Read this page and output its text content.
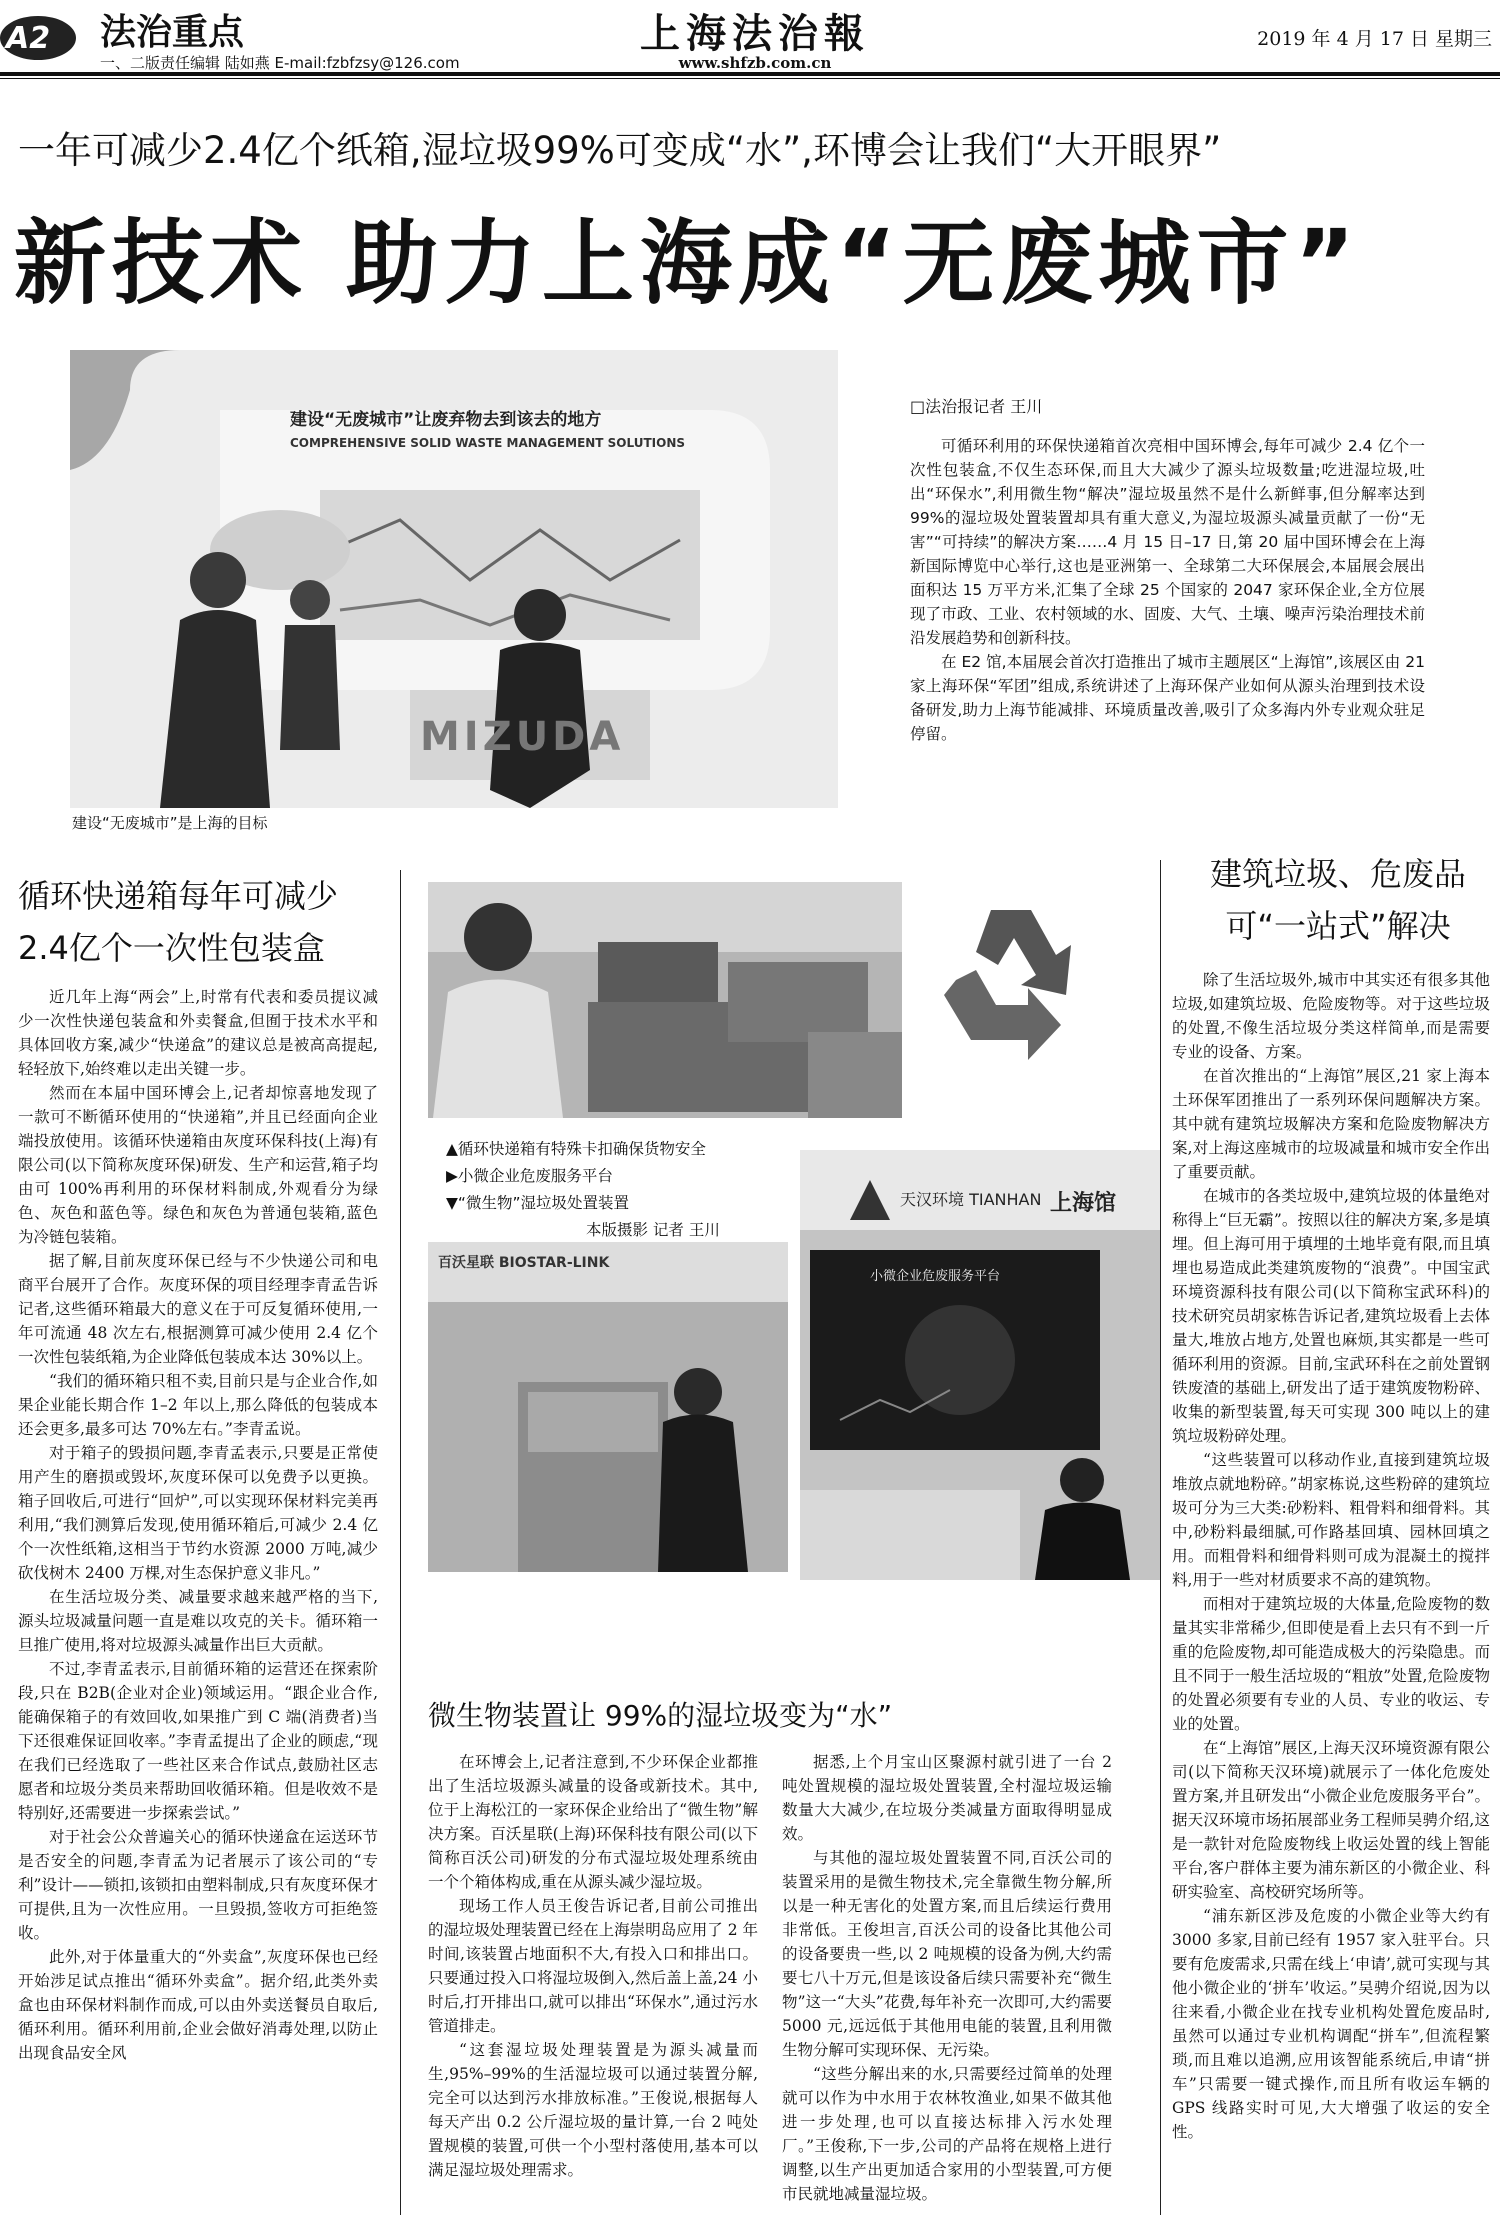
A2 法治重点
一、二版责任编辑 陆如燕 E-mail:fzbfzsy@126.com
上海法治報
www.shfzb.com.cn
2019 年 4 月 17 日 星期三
一年可减少2.4亿个纸箱,湿垃圾99%可变成“水”,环博会让我们“大开眼界”
新技术 助力上海成“无废城市”
建设“无废城市”让废弃物去到该去的地方
COMPREHENSIVE SOLID WASTE MANAGEMENT SOLUTIONS
MIZUDA
建设“无废城市”是上海的目标
□法治报记者 王川

可循环利用的环保快递箱首次亮相中国环博会,每年可减少 2.4 亿个一次性包装盒,不仅生态环保,而且大大减少了源头垃圾数量;吃进湿垃圾,吐出“环保水”,利用微生物“解决”湿垃圾虽然不是什么新鲜事,但分解率达到 99%的湿垃圾处置装置却具有重大意义,为湿垃圾源头减量贡献了一份“无害”“可持续”的解决方案……4 月 15 日–17 日,第 20 届中国环博会在上海新国际博览中心举行,这也是亚洲第一、全球第二大环保展会,本届展会展出面积达 15 万平方米,汇集了全球 25 个国家的 2047 家环保企业,全方位展现了市政、工业、农村领域的水、固废、大气、土壤、噪声污染治理技术前沿发展趋势和创新科技。

在 E2 馆,本届展会首次打造推出了城市主题展区“上海馆”,该展区由 21 家上海环保“军团”组成,系统讲述了上海环保产业如何从源头治理到技术设备研发,助力上海节能减排、环境质量改善,吸引了众多海内外专业观众驻足停留。

循环快递箱每年可减少
2.4亿个一次性包装盒

近几年上海“两会”上,时常有代表和委员提议减少一次性快递包装盒和外卖餐盒,但囿于技术水平和具体回收方案,减少“快递盒”的建议总是被高高提起,轻轻放下,始终难以走出关键一步。

然而在本届中国环博会上,记者却惊喜地发现了一款可不断循环使用的“快递箱”,并且已经面向企业端投放使用。该循环快递箱由灰度环保科技(上海)有限公司(以下简称灰度环保)研发、生产和运营,箱子均由可 100%再利用的环保材料制成,外观看分为绿色、灰色和蓝色等。绿色和灰色为普通包装箱,蓝色为冷链包装箱。

据了解,目前灰度环保已经与不少快递公司和电商平台展开了合作。灰度环保的项目经理李青孟告诉记者,这些循环箱最大的意义在于可反复循环使用,一年可流通 48 次左右,根据测算可减少使用 2.4 亿个一次性包装纸箱,为企业降低包装成本达 30%以上。

“我们的循环箱只租不卖,目前只是与企业合作,如果企业能长期合作 1–2 年以上,那么降低的包装成本还会更多,最多可达 70%左右。”李青孟说。

对于箱子的毁损问题,李青孟表示,只要是正常使用产生的磨损或毁坏,灰度环保可以免费予以更换。箱子回收后,可进行“回炉”,可以实现环保材料完美再利用,“我们测算后发现,使用循环箱后,可减少 2.4 亿个一次性纸箱,这相当于节约水资源 2000 万吨,减少砍伐树木 2400 万棵,对生态保护意义非凡。”

在生活垃圾分类、减量要求越来越严格的当下,源头垃圾减量问题一直是难以攻克的关卡。循环箱一旦推广使用,将对垃圾源头减量作出巨大贡献。

不过,李青孟表示,目前循环箱的运营还在探索阶段,只在 B2B(企业对企业)领域运用。“跟企业合作,能确保箱子的有效回收,如果推广到 C 端(消费者)当下还很难保证回收率。”李青孟提出了企业的顾虑,“现在我们已经选取了一些社区来合作试点,鼓励社区志愿者和垃圾分类员来帮助回收循环箱。但是收效不是特别好,还需要进一步探索尝试。”

对于社会公众普遍关心的循环快递盒在运送环节是否安全的问题,李青孟为记者展示了该公司的“专利”设计——锁扣,该锁扣由塑料制成,只有灰度环保才可提供,且为一次性应用。一旦毁损,签收方可拒绝签收。

此外,对于体量重大的“外卖盒”,灰度环保也已经开始涉足试点推出“循环外卖盒”。据介绍,此类外卖盒也由环保材料制作而成,可以由外卖送餐员自取后,循环利用。循环利用前,企业会做好消毒处理,以防止出现食品安全风

▲循环快递箱有特殊卡扣确保货物安全
▶小微企业危废服务平台
▼“微生物”湿垃圾处置装置
本版摄影 记者 王川
上海馆
天汉环境 TIANHAN
小微企业危废服务平台
百沃星联 BIOSTAR-LINK
微生物装置让 99%的湿垃圾变为“水”

在环博会上,记者注意到,不少环保企业都推出了生活垃圾源头减量的设备或新技术。其中,位于上海松江的一家环保企业给出了“微生物”解决方案。百沃星联(上海)环保科技有限公司(以下简称百沃公司)研发的分布式湿垃圾处理系统由一个个箱体构成,重在从源头减少湿垃圾。

现场工作人员王俊告诉记者,目前公司推出的湿垃圾处理装置已经在上海崇明岛应用了 2 年时间,该装置占地面积不大,有投入口和排出口。只要通过投入口将湿垃圾倒入,然后盖上盖,24 小时后,打开排出口,就可以排出“环保水”,通过污水管道排走。

“这套湿垃圾处理装置是为源头减量而生,95%–99%的生活湿垃圾可以通过装置分解,完全可以达到污水排放标准。”王俊说,根据每人每天产出 0.2 公斤湿垃圾的量计算,一台 2 吨处置规模的装置,可供一个小型村落使用,基本可以满足湿垃圾处理需求。

据悉,上个月宝山区聚源村就引进了一台 2 吨处置规模的湿垃圾处置装置,全村湿垃圾运输数量大大减少,在垃圾分类减量方面取得明显成效。

与其他的湿垃圾处置装置不同,百沃公司的装置采用的是微生物技术,完全靠微生物分解,所以是一种无害化的处置方案,而且后续运行费用非常低。王俊坦言,百沃公司的设备比其他公司的设备要贵一些,以 2 吨规模的设备为例,大约需要七八十万元,但是该设备后续只需要补充“微生物”这一“大头”花费,每年补充一次即可,大约需要 5000 元,远远低于其他用电能的装置,且利用微生物分解可实现环保、无污染。

“这些分解出来的水,只需要经过简单的处理就可以作为中水用于农林牧渔业,如果不做其他进一步处理,也可以直接达标排入污水处理厂。”王俊称,下一步,公司的产品将在规格上进行调整,以生产出更加适合家用的小型装置,可方便市民就地减量湿垃圾。

建筑垃圾、危废品
可“一站式”解决

除了生活垃圾外,城市中其实还有很多其他垃圾,如建筑垃圾、危险废物等。对于这些垃圾的处置,不像生活垃圾分类这样简单,而是需要专业的设备、方案。

在首次推出的“上海馆”展区,21 家上海本土环保军团推出了一系列环保问题解决方案。其中就有建筑垃圾解决方案和危险废物解决方案,对上海这座城市的垃圾减量和城市安全作出了重要贡献。

在城市的各类垃圾中,建筑垃圾的体量绝对称得上“巨无霸”。按照以往的解决方案,多是填埋。但上海可用于填埋的土地毕竟有限,而且填埋也易造成此类建筑废物的“浪费”。中国宝武环境资源科技有限公司(以下简称宝武环科)的技术研究员胡家栋告诉记者,建筑垃圾看上去体量大,堆放占地方,处置也麻烦,其实都是一些可循环利用的资源。目前,宝武环科在之前处置钢铁废渣的基础上,研发出了适于建筑废物粉碎、收集的新型装置,每天可实现 300 吨以上的建筑垃圾粉碎处理。

“这些装置可以移动作业,直接到建筑垃圾堆放点就地粉碎。”胡家栋说,这些粉碎的建筑垃圾可分为三大类:砂粉料、粗骨料和细骨料。其中,砂粉料最细腻,可作路基回填、园林回填之用。而粗骨料和细骨料则可成为混凝土的搅拌料,用于一些对材质要求不高的建筑物。

而相对于建筑垃圾的大体量,危险废物的数量其实非常稀少,但即使是看上去只有不到一斤重的危险废物,却可能造成极大的污染隐患。而且不同于一般生活垃圾的“粗放”处置,危险废物的处置必须要有专业的人员、专业的收运、专业的处置。

在“上海馆”展区,上海天汉环境资源有限公司(以下简称天汉环境)就展示了一体化危废处置方案,并且研发出“小微企业危废服务平台”。据天汉环境市场拓展部业务工程师吴骋介绍,这是一款针对危险废物线上收运处置的线上智能平台,客户群体主要为浦东新区的小微企业、科研实验室、高校研究场所等。

“浦东新区涉及危废的小微企业等大约有 3000 多家,目前已经有 1957 家入驻平台。只要有危废需求,只需在线上‘申请’,就可实现与其他小微企业的‘拼车’收运。”吴骋介绍说,因为以往来看,小微企业在找专业机构处置危废品时,虽然可以通过专业机构调配“拼车”,但流程繁琐,而且难以追溯,应用该智能系统后,申请“拼车”只需要一键式操作,而且所有收运车辆的 GPS 线路实时可见,大大增强了收运的安全性。
